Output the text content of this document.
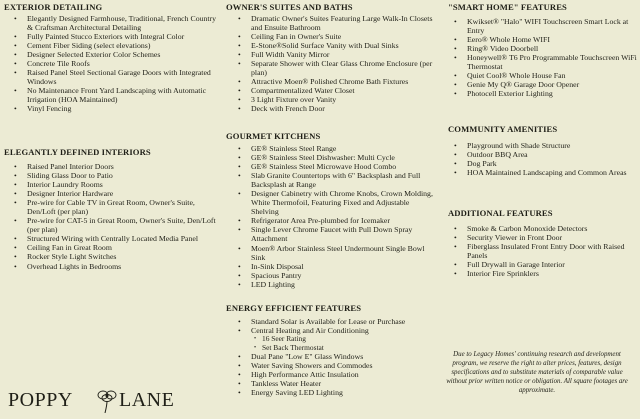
EXTERIOR DETAILING
• Elegantly Designed Farmhouse, Traditional, French Country & Craftsman Architectural Detailing
• Fully Painted Stucco Exteriors with Integral Color
• Cement Fiber Siding (select elevations)
• Designer Selected Exterior Color Schemes
• Concrete Tile Roofs
• Raised Panel Steel Sectional Garage Doors with Integrated Windows
• No Maintenance Front Yard Landscaping with Automatic Irrigation (HOA Maintained)
• Vinyl Fencing
ELEGANTLY DEFINED INTERIORS
• Raised Panel Interior Doors
• Sliding Glass Door to Patio
• Interior Laundry Rooms
• Designer Interior Hardware
• Pre-wire for Cable TV in Great Room, Owner's Suite, Den/Loft (per plan)
• Pre-wire for CAT-5 in Great Room, Owner's Suite, Den/Loft (per plan)
• Structured Wiring with Centrally Located Media Panel
• Ceiling Fan in Great Room
• Rocker Style Light Switches
• Overhead Lights in Bedrooms
OWNER'S SUITES AND BATHS
• Dramatic Owner's Suites Featuring Large Walk-In Closets and Ensuite Bathroom
• Ceiling Fan in Owner's Suite
• E-Stone®Solid Surface Vanity with Dual Sinks
• Full Width Vanity Mirror
• Separate Shower with Clear Glass Chrome Enclosure (per plan)
• Attractive Moen® Polished Chrome Bath Fixtures
• Compartmentalized Water Closet
• 3 Light Fixture over Vanity
• Deck with French Door
GOURMET KITCHENS
• GE® Stainless Steel Range
• GE® Stainless Steel Dishwasher: Multi Cycle
• GE® Stainless Steel Microwave Hood Combo
• Slab Granite Countertops with 6" Backsplash and Full Backsplash at Range
• Designer Cabinetry with Chrome Knobs, Crown Molding, White Thermofoil, Featuring Fixed and Adjustable Shelving
• Refrigerator Area Pre-plumbed for Icemaker
• Single Lever Chrome Faucet with Pull Down Spray Attachment
• Moen® Arbor Stainless Steel Undermount Single Bowl Sink
• In-Sink Disposal
• Spacious Pantry
• LED Lighting
ENERGY EFFICIENT FEATURES
• Standard Solar is Available for Lease or Purchase
• Central Heating and Air Conditioning
• 16 Seer Rating
• Set Back Thermostat
• Dual Pane "Low E" Glass Windows
• Water Saving Showers and Commodes
• High Performance Attic Insulation
• Tankless Water Heater
• Energy Saving LED Lighting
"SMART HOME" FEATURES
• Kwikset® "Halo" WIFI Touchscreen Smart Lock at Entry
• Eero® Whole Home WIFI
• Ring® Video Doorbell
• Honeywell® T6 Pro Programmable Touchscreen WiFi Thermostat
• Quiet Cool® Whole House Fan
• Genie My Q® Garage Door Opener
• Photocell Exterior Lighting
COMMUNITY AMENITIES
• Playground with Shade Structure
• Outdoor BBQ Area
• Dog Park
• HOA Maintained Landscaping and Common Areas
ADDITIONAL FEATURES
• Smoke & Carbon Monoxide Detectors
• Security Viewer in Front Door
• Fiberglass Insulated Front Entry Door with Raised Panels
• Full Drywall in Garage Interior
• Interior Fire Sprinklers
Due to Legacy Homes' continuing research and development program, we reserve the right to alter prices, features, design specifications and to substitute materials of comparable value without prior written notice or obligation. All square footages are approximate.
POPPY LANE
